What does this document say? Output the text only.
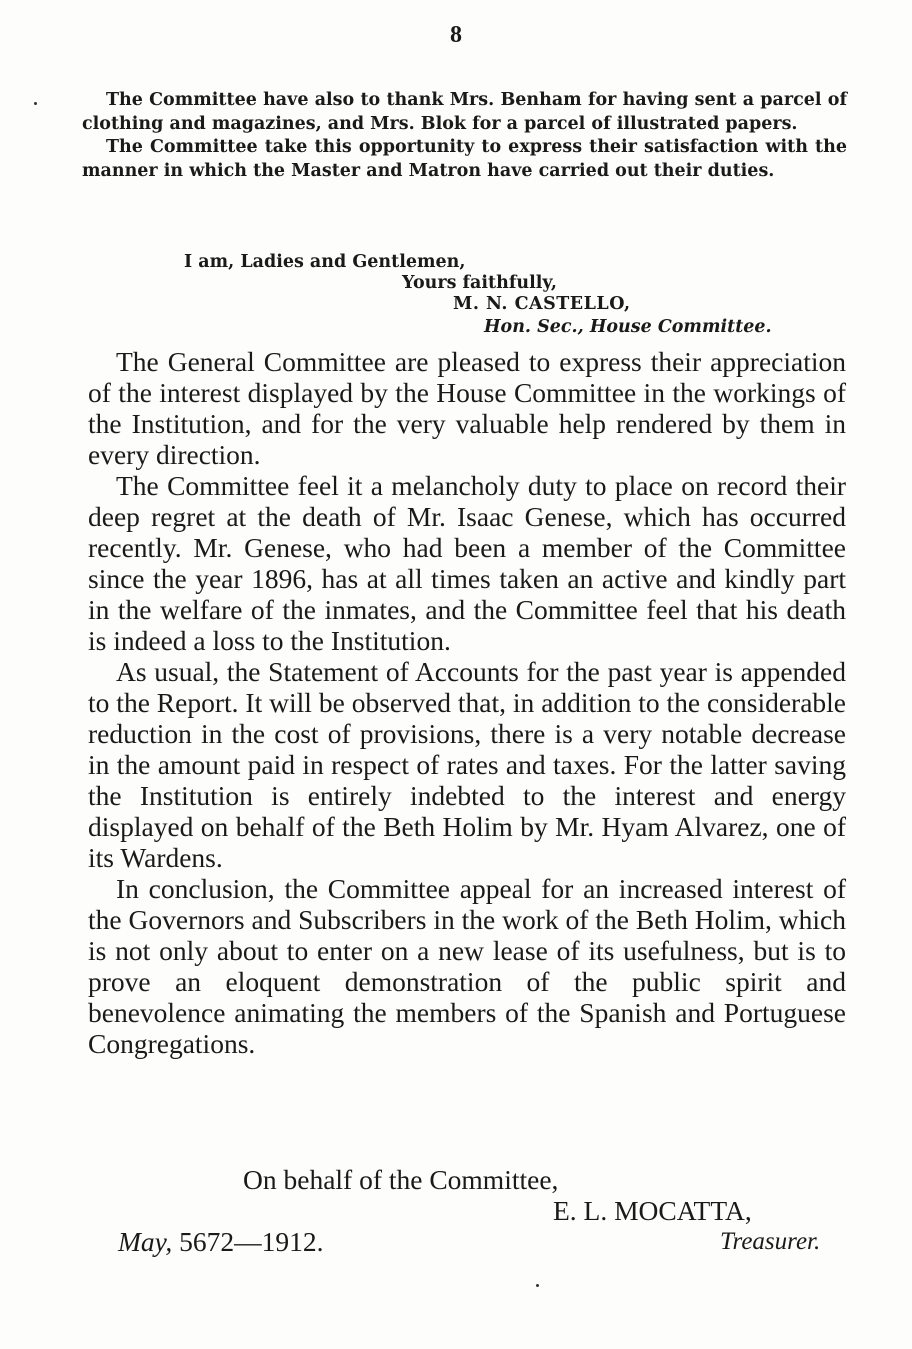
8

The Committee have also to thank Mrs. Benham for having sent a parcel of clothing and magazines, and Mrs. Blok for a parcel of illustrated papers.

The Committee take this opportunity to express their satisfaction with the manner in which the Master and Matron have carried out their duties.

I am, Ladies and Gentlemen,
Yours faithfully,
M. N. CASTELLO,
Hon. Sec., House Committee.

The General Committee are pleased to express their appreciation of the interest displayed by the House Committee in the workings of the Institution, and for the very valuable help rendered by them in every direction.

The Committee feel it a melancholy duty to place on record their deep regret at the death of Mr. Isaac Genese, which has occurred recently. Mr. Genese, who had been a member of the Committee since the year 1896, has at all times taken an active and kindly part in the welfare of the inmates, and the Committee feel that his death is indeed a loss to the Institution.

As usual, the Statement of Accounts for the past year is appended to the Report. It will be observed that, in addition to the considerable reduction in the cost of provisions, there is a very notable decrease in the amount paid in respect of rates and taxes. For the latter saving the Institution is entirely indebted to the interest and energy displayed on behalf of the Beth Holim by Mr. Hyam Alvarez, one of its Wardens.

In conclusion, the Committee appeal for an increased interest of the Governors and Subscribers in the work of the Beth Holim, which is not only about to enter on a new lease of its usefulness, but is to prove an eloquent demonstration of the public spirit and benevolence animating the members of the Spanish and Portuguese Congregations.

On behalf of the Committee,
E. L. MOCATTA,
May, 5672—1912.	Treasurer.
